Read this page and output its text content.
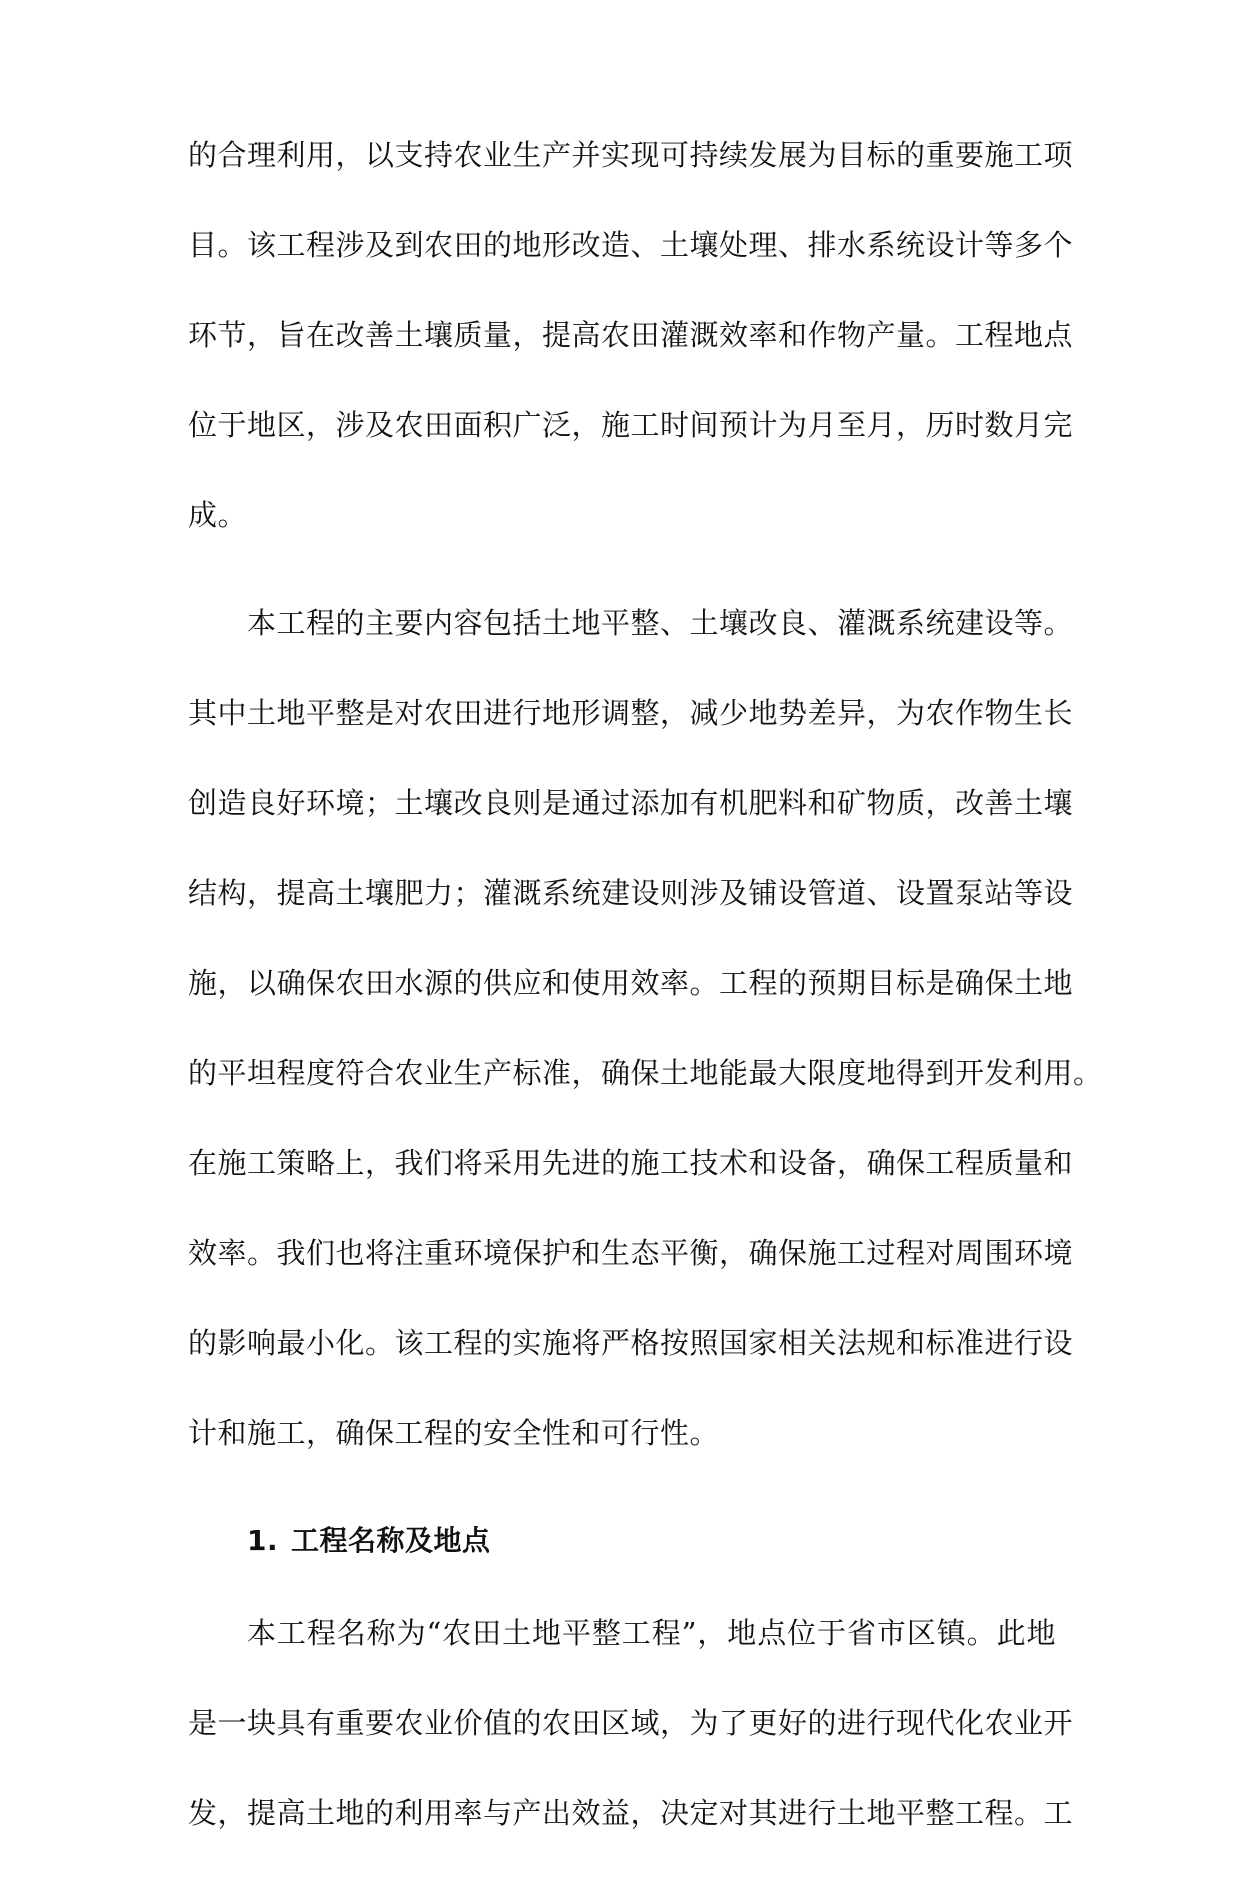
的合理利用，以支持农业生产并实现可持续发展为目标的重要施工项
目。该工程涉及到农田的地形改造、土壤处理、排水系统设计等多个
环节，旨在改善土壤质量，提高农田灌溉效率和作物产量。工程地点
位于地区，涉及农田面积广泛，施工时间预计为月至月，历时数月完
成。
本工程的主要内容包括土地平整、土壤改良、灌溉系统建设等。
其中土地平整是对农田进行地形调整，减少地势差异，为农作物生长
创造良好环境；土壤改良则是通过添加有机肥料和矿物质，改善土壤
结构，提高土壤肥力；灌溉系统建设则涉及铺设管道、设置泵站等设
施，以确保农田水源的供应和使用效率。工程的预期目标是确保土地
的平坦程度符合农业生产标准，确保土地能最大限度地得到开发利用。
在施工策略上，我们将采用先进的施工技术和设备，确保工程质量和
效率。我们也将注重环境保护和生态平衡，确保施工过程对周围环境
的影响最小化。该工程的实施将严格按照国家相关法规和标准进行设
计和施工，确保工程的安全性和可行性。
1. 工程名称及地点
本工程名称为“农田土地平整工程”，地点位于省市区镇。此地
是一块具有重要农业价值的农田区域，为了更好的进行现代化农业开
发，提高土地的利用率与产出效益，决定对其进行土地平整工程。工
